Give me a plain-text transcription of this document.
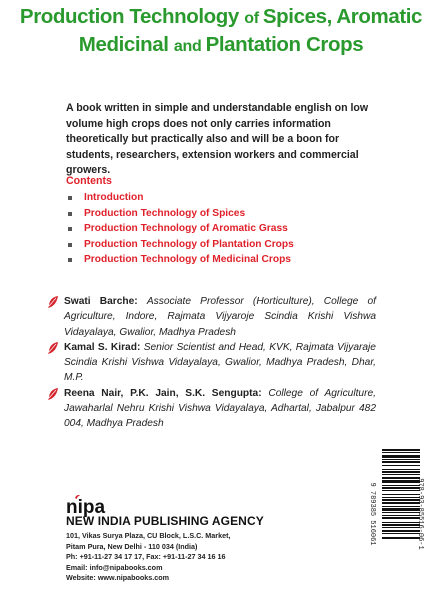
Production Technology of Spices, Aromatic
Medicinal and Plantation Crops
A book written in simple and understandable english on low volume high crops does not only carries information theoretically but practically also and will be a boon for students, researchers, extension workers and commercial growers.
Contents
Introduction
Production Technology of Spices
Production Technology of Aromatic Grass
Production Technology of Plantation Crops
Production Technology of Medicinal Crops
Swati Barche: Associate Professor (Horticulture), College of Agriculture, Indore, Rajmata Vijyaroje Scindia Krishi Vishwa Vidayalaya, Gwalior, Madhya Pradesh
Kamal S. Kirad: Senior Scientist and Head, KVK, Rajmata Vijyaraje Scindia Krishi Vishwa Vidayalaya, Gwalior, Madhya Pradesh, Dhar, M.P.
Reena Nair, P.K. Jain, S.K. Sengupta: College of Agriculture, Jawaharlal Nehru Krishi Vishwa Vidayalaya, Adhartal, Jabalpur 482 004, Madhya Pradesh
nipa
NEW INDIA PUBLISHING AGENCY
101, Vikas Surya Plaza, CU Block, L.S.C. Market,
Pitam Pura, New Delhi - 110 034 (India)
Ph: +91-11-27 34 17 17, Fax: +91-11-27 34 16 16
Email: info@nipabooks.com
Website: www.nipabooks.com
978-93-85516-06-1
9 789385 516061
